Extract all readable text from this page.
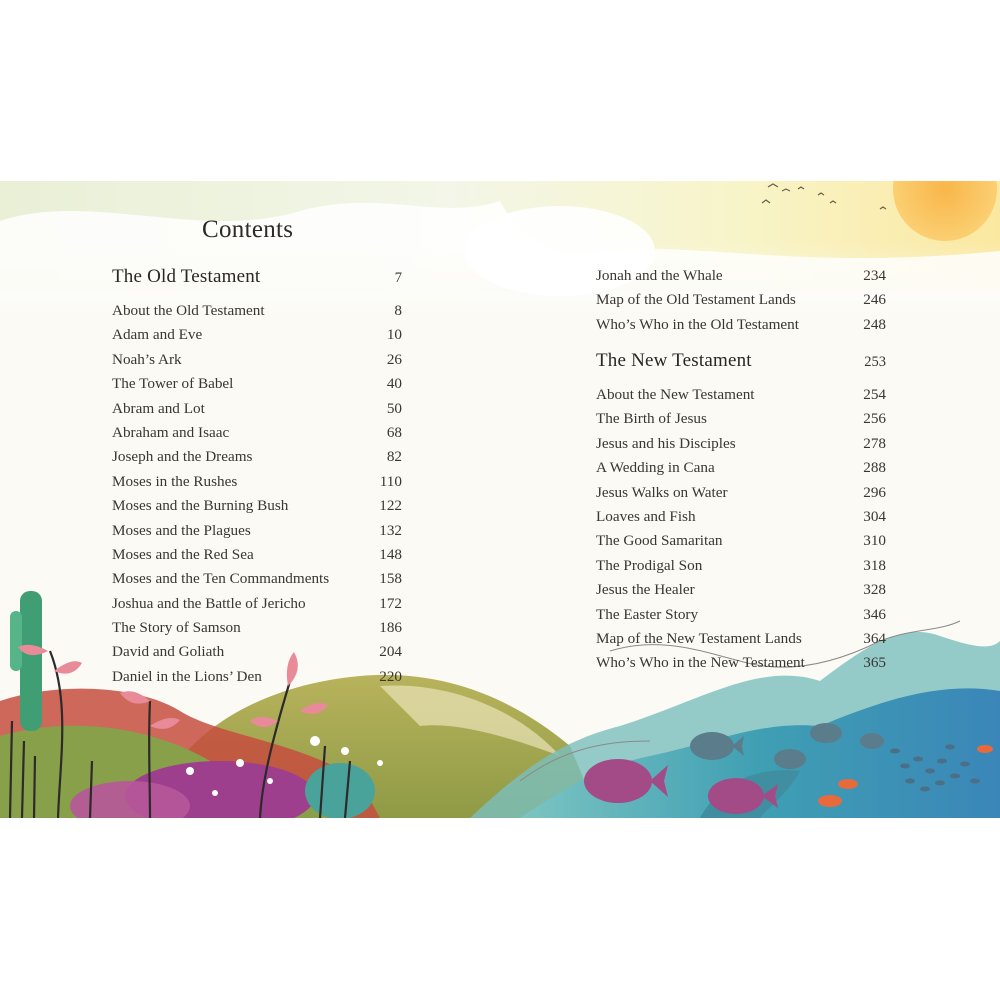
Contents
The Old Testament	7
About the Old Testament	8
Adam and Eve	10
Noah’s Ark	26
The Tower of Babel	40
Abram and Lot	50
Abraham and Isaac	68
Joseph and the Dreams	82
Moses in the Rushes	110
Moses and the Burning Bush	122
Moses and the Plagues	132
Moses and the Red Sea	148
Moses and the Ten Commandments	158
Joshua and the Battle of Jericho	172
The Story of Samson	186
David and Goliath	204
Daniel in the Lions’ Den	220
Jonah and the Whale	234
Map of the Old Testament Lands	246
Who’s Who in the Old Testament	248
The New Testament	253
About the New Testament	254
The Birth of Jesus	256
Jesus and his Disciples	278
A Wedding in Cana	288
Jesus Walks on Water	296
Loaves and Fish	304
The Good Samaritan	310
The Prodigal Son	318
Jesus the Healer	328
The Easter Story	346
Map of the New Testament Lands	364
Who’s Who in the New Testament	365
